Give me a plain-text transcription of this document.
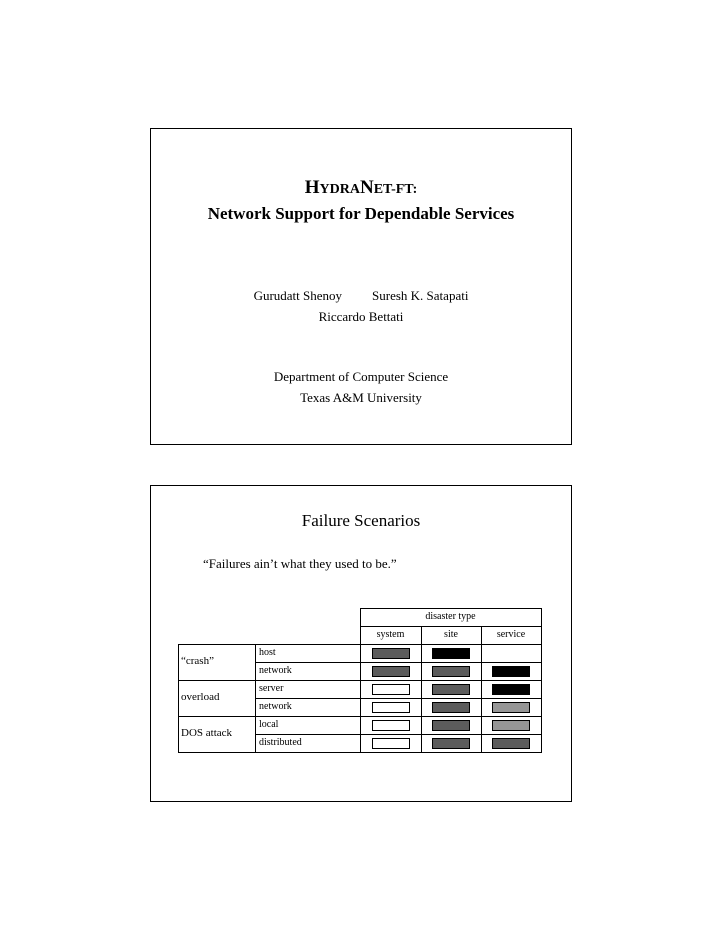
HYDRANET-FT:
Network Support for Dependable Services
Gurudatt Shenoy Suresh K. Satapati
Riccardo Bettati
Department of Computer Science
Texas A&M University
Failure Scenarios
“Failures ain’t what they used to be.”
disaster type
system	site	service
“crash”
host
network
overload
server
network
DOS attack
local
distributed
